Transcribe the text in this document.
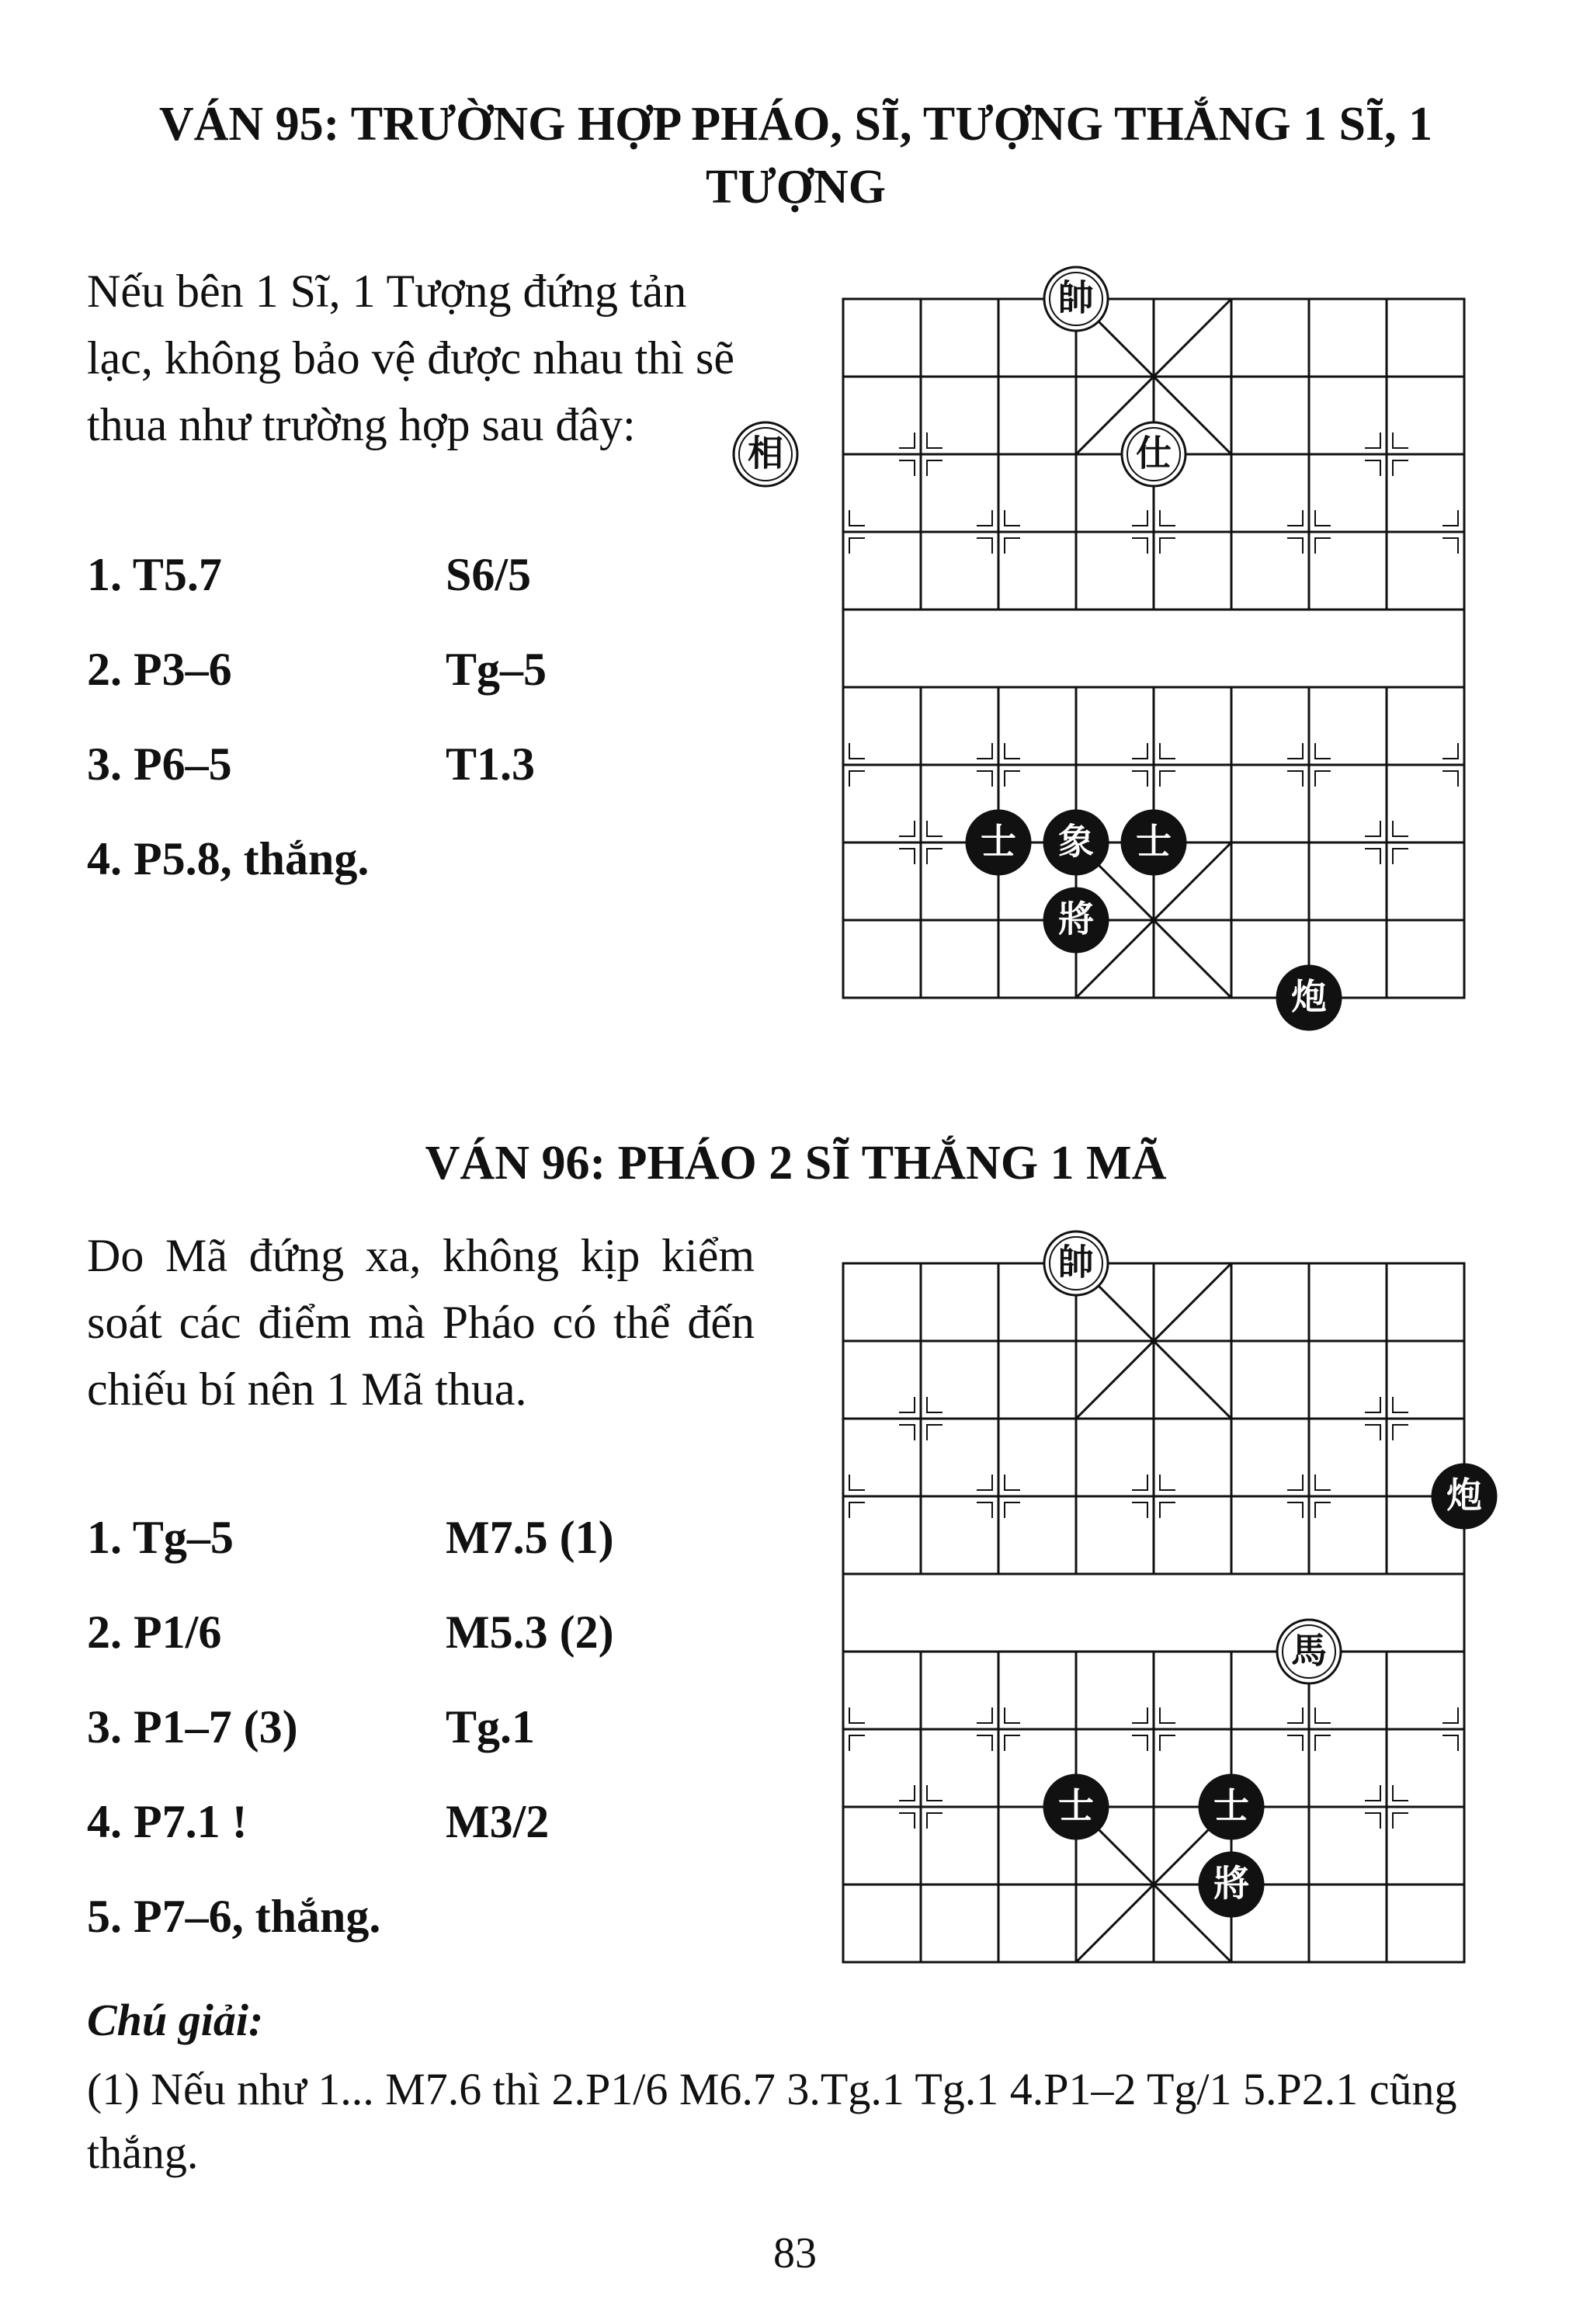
VÁN 95: TRƯỜNG HỢP PHÁO, SĨ, TƯỢNG THẮNG 1 SĨ, 1 TƯỢNG

Nếu bên 1 Sĩ, 1 Tượng đứng tản lạc, không bảo vệ được nhau thì sẽ thua như trường hợp sau đây:

1. T5.7	S6/5
2. P3–6	Tg–5
3. P6–5	T1.3
4. P5.8, thắng.
帥
相	仕
士 象 士
將
炮
VÁN 96: PHÁO 2 SĨ THẮNG 1 MÃ

Do Mã đứng xa, không kịp kiểm soát các điểm mà Pháo có thể đến chiếu bí nên 1 Mã thua.

1. Tg–5	M7.5 (1)
2. P1/6	M5.3 (2)
3. P1–7 (3)	Tg.1
4. P7.1 !	M3/2
5. P7–6, thắng.
帥
炮
馬
士	士
將

Chú giải:

(1) Nếu như 1... M7.6 thì 2.P1/6 M6.7 3.Tg.1 Tg.1 4.P1–2 Tg/1 5.P2.1 cũng thắng.

83
